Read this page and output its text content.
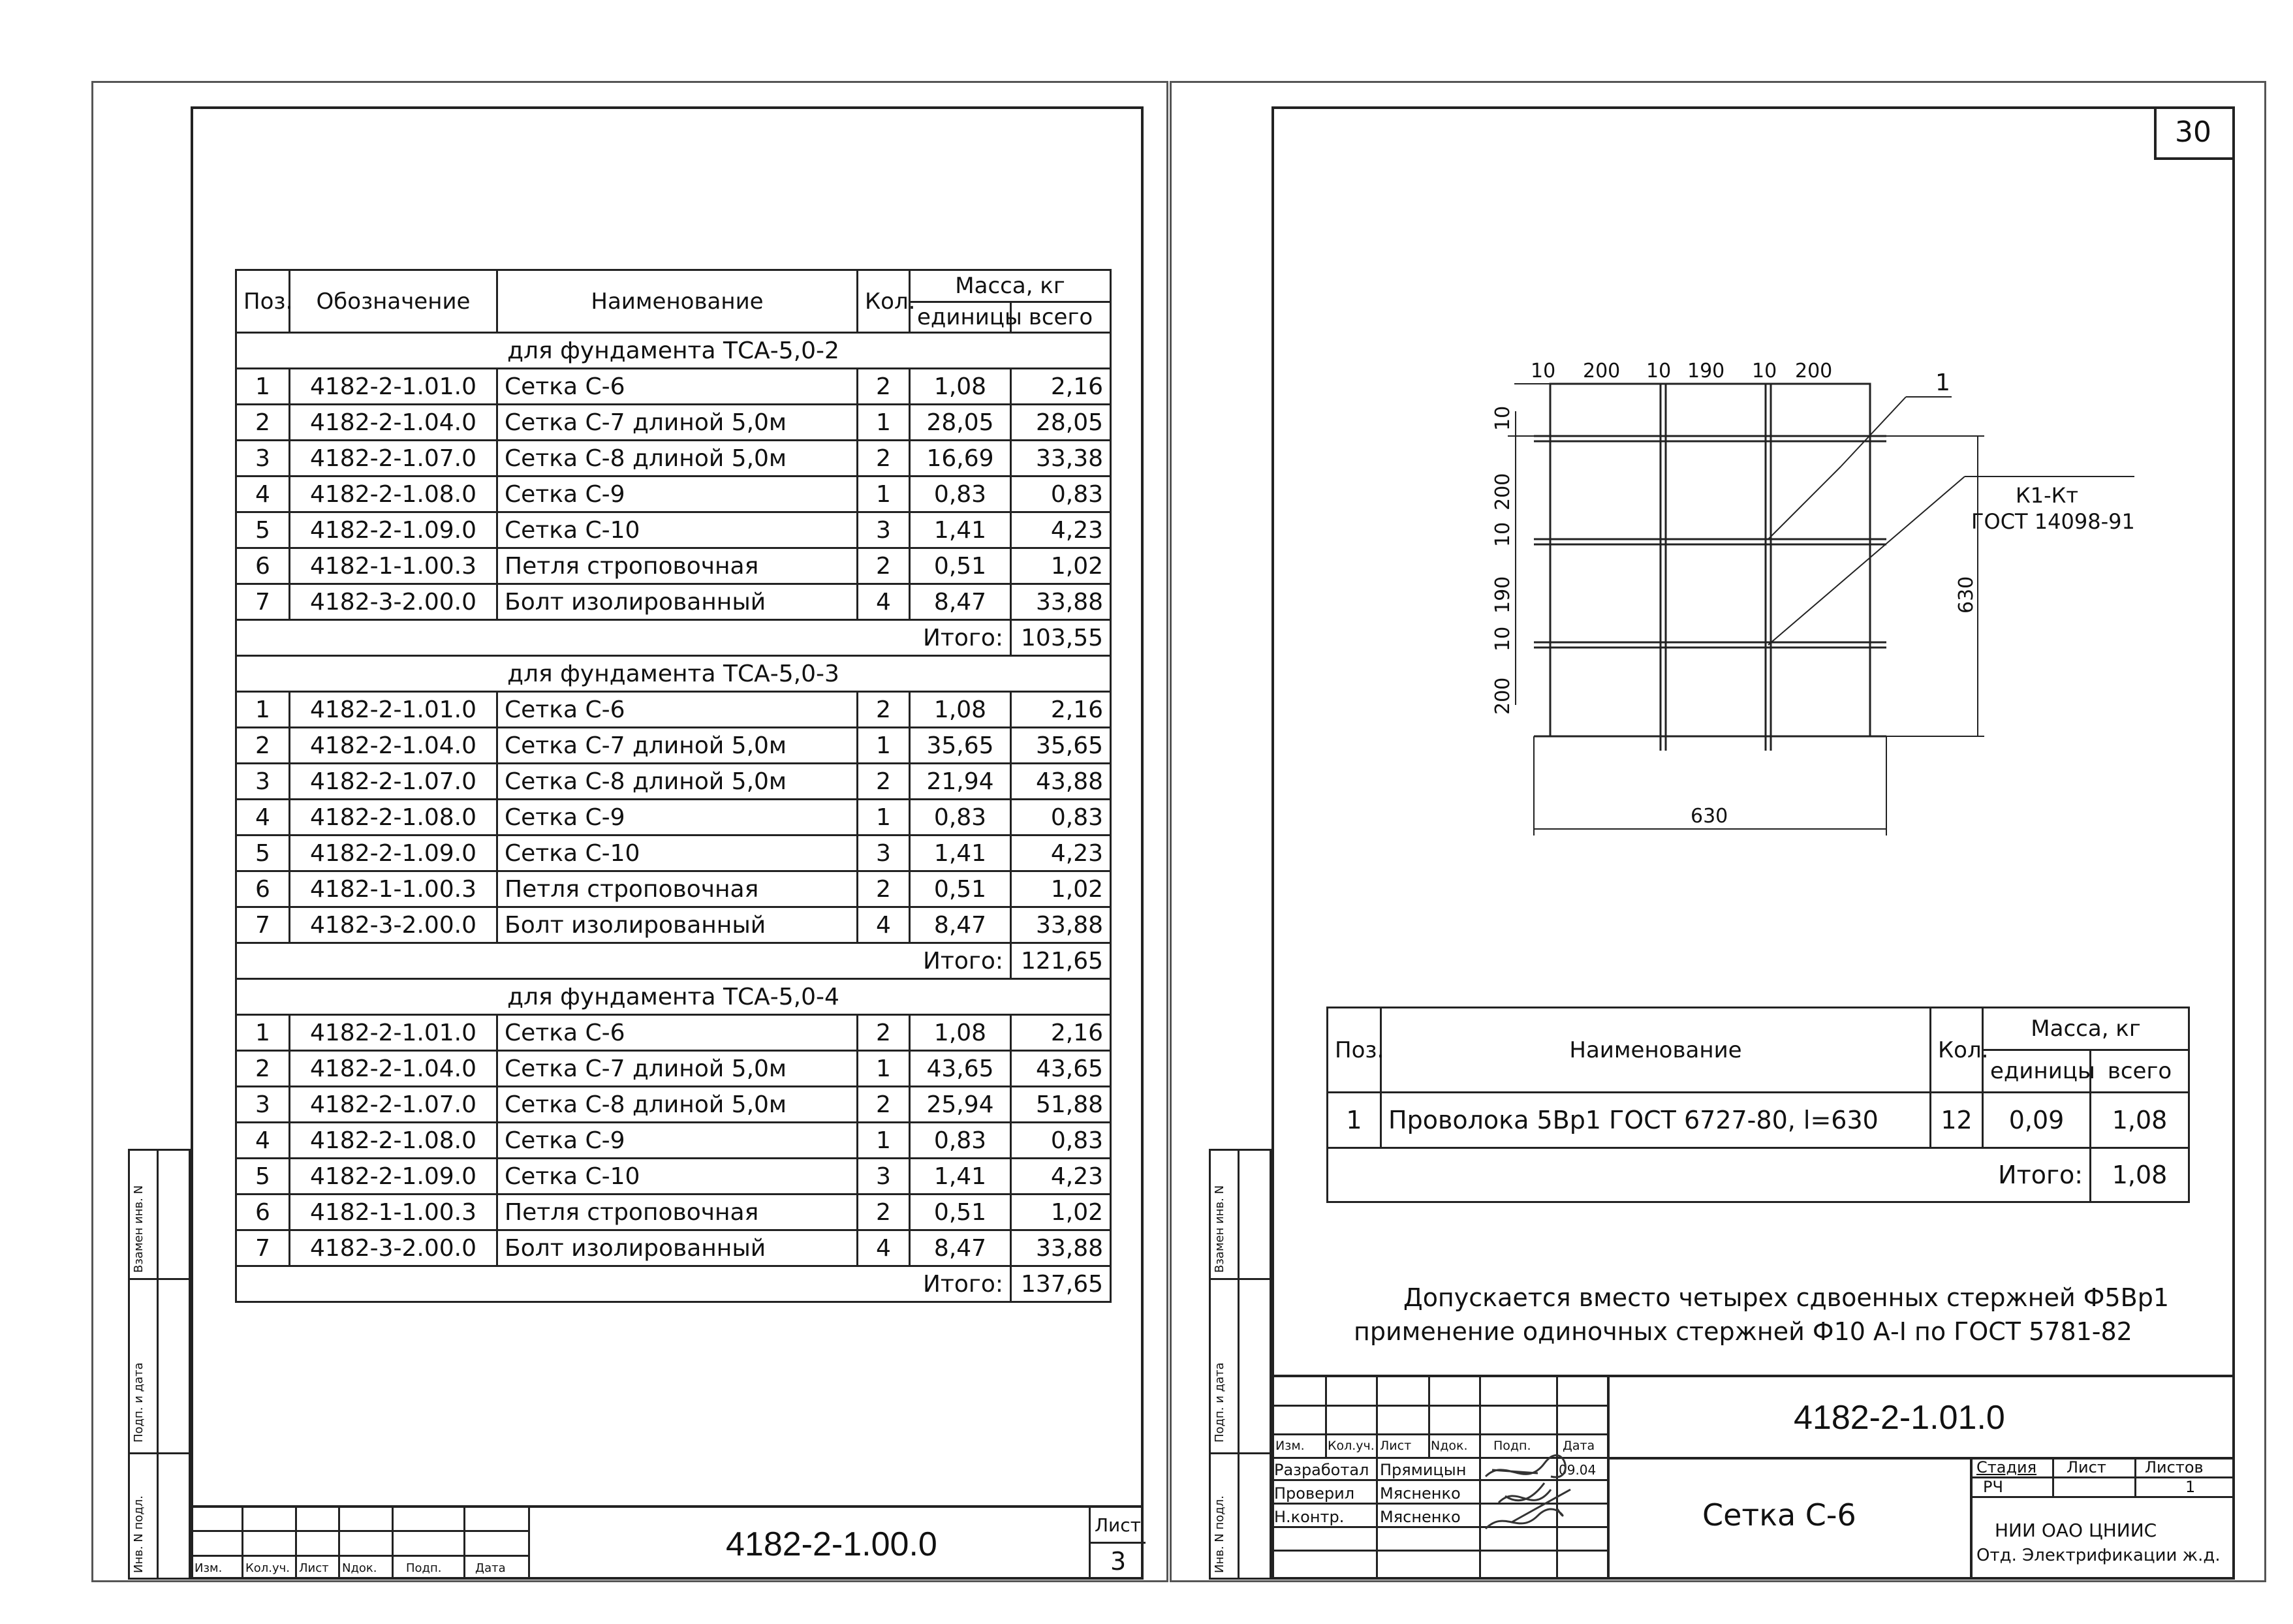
Взамен инв. N
Подп. и дата
Инв. N подл.
Поз.	Обозначение	Наименование	Кол.	Масса, кг	
				единицы	всего
для фундамента ТСА-5,0-2					
1	4182-2-1.01.0	Сетка С-6	2	1,08	2,16
2	4182-2-1.04.0	Сетка С-7 длиной 5,0м	1	28,05	28,05
3	4182-2-1.07.0	Сетка С-8 длиной 5,0м	2	16,69	33,38
4	4182-2-1.08.0	Сетка С-9	1	0,83	0,83
5	4182-2-1.09.0	Сетка С-10	3	1,41	4,23
6	4182-1-1.00.3	Петля строповочная	2	0,51	1,02
7	4182-3-2.00.0	Болт изолированный	4	8,47	33,88
Итого:					103,55
для фундамента ТСА-5,0-3					
1	4182-2-1.01.0	Сетка С-6	2	1,08	2,16
2	4182-2-1.04.0	Сетка С-7 длиной 5,0м	1	35,65	35,65
3	4182-2-1.07.0	Сетка С-8 длиной 5,0м	2	21,94	43,88
4	4182-2-1.08.0	Сетка С-9	1	0,83	0,83
5	4182-2-1.09.0	Сетка С-10	3	1,41	4,23
6	4182-1-1.00.3	Петля строповочная	2	0,51	1,02
7	4182-3-2.00.0	Болт изолированный	4	8,47	33,88
Итого:					121,65
для фундамента ТСА-5,0-4					
1	4182-2-1.01.0	Сетка С-6	2	1,08	2,16
2	4182-2-1.04.0	Сетка С-7 длиной 5,0м	1	43,65	43,65
3	4182-2-1.07.0	Сетка С-8 длиной 5,0м	2	25,94	51,88
4	4182-2-1.08.0	Сетка С-9	1	0,83	0,83
5	4182-2-1.09.0	Сетка С-10	3	1,41	4,23
6	4182-1-1.00.3	Петля строповочная	2	0,51	1,02
7	4182-3-2.00.0	Болт изолированный	4	8,47	33,88
Итого:					137,65
Изм. Кол.уч. Лист Nдок. Подп.	Дата
4182-2-1.00.0
Лист
3
30
Взамен инв. N
Подп. и дата
Инв. N подл.
10 200 10 190 10 200
10
200
10
190
10
200
630
630
1
К1-Кт
ГОСТ 14098-91
Поз.	Наименование	Кол.	Масса, кг	
			единицы	всего
1	Проволока 5Вр1 ГОСТ 6727-80, l=630	12	0,09	1,08
Итого:				1,08
Допускается вместо четырех сдвоенных стержней Ф5Вр1
применение одиночных стержней Ф10 А-I по ГОСТ 5781-82
Изм. Кол.уч. Лист Nдок. Подп.	Дата
Разработал Прямицын	09.04
Проверил Мясненко
Н.контр. Мясненко
4182-2-1.01.0
Сетка С-6
Стадия Лист Листов
РЧ	1
НИИ ОАО ЦНИИС
Отд. Электрификации ж.д.
